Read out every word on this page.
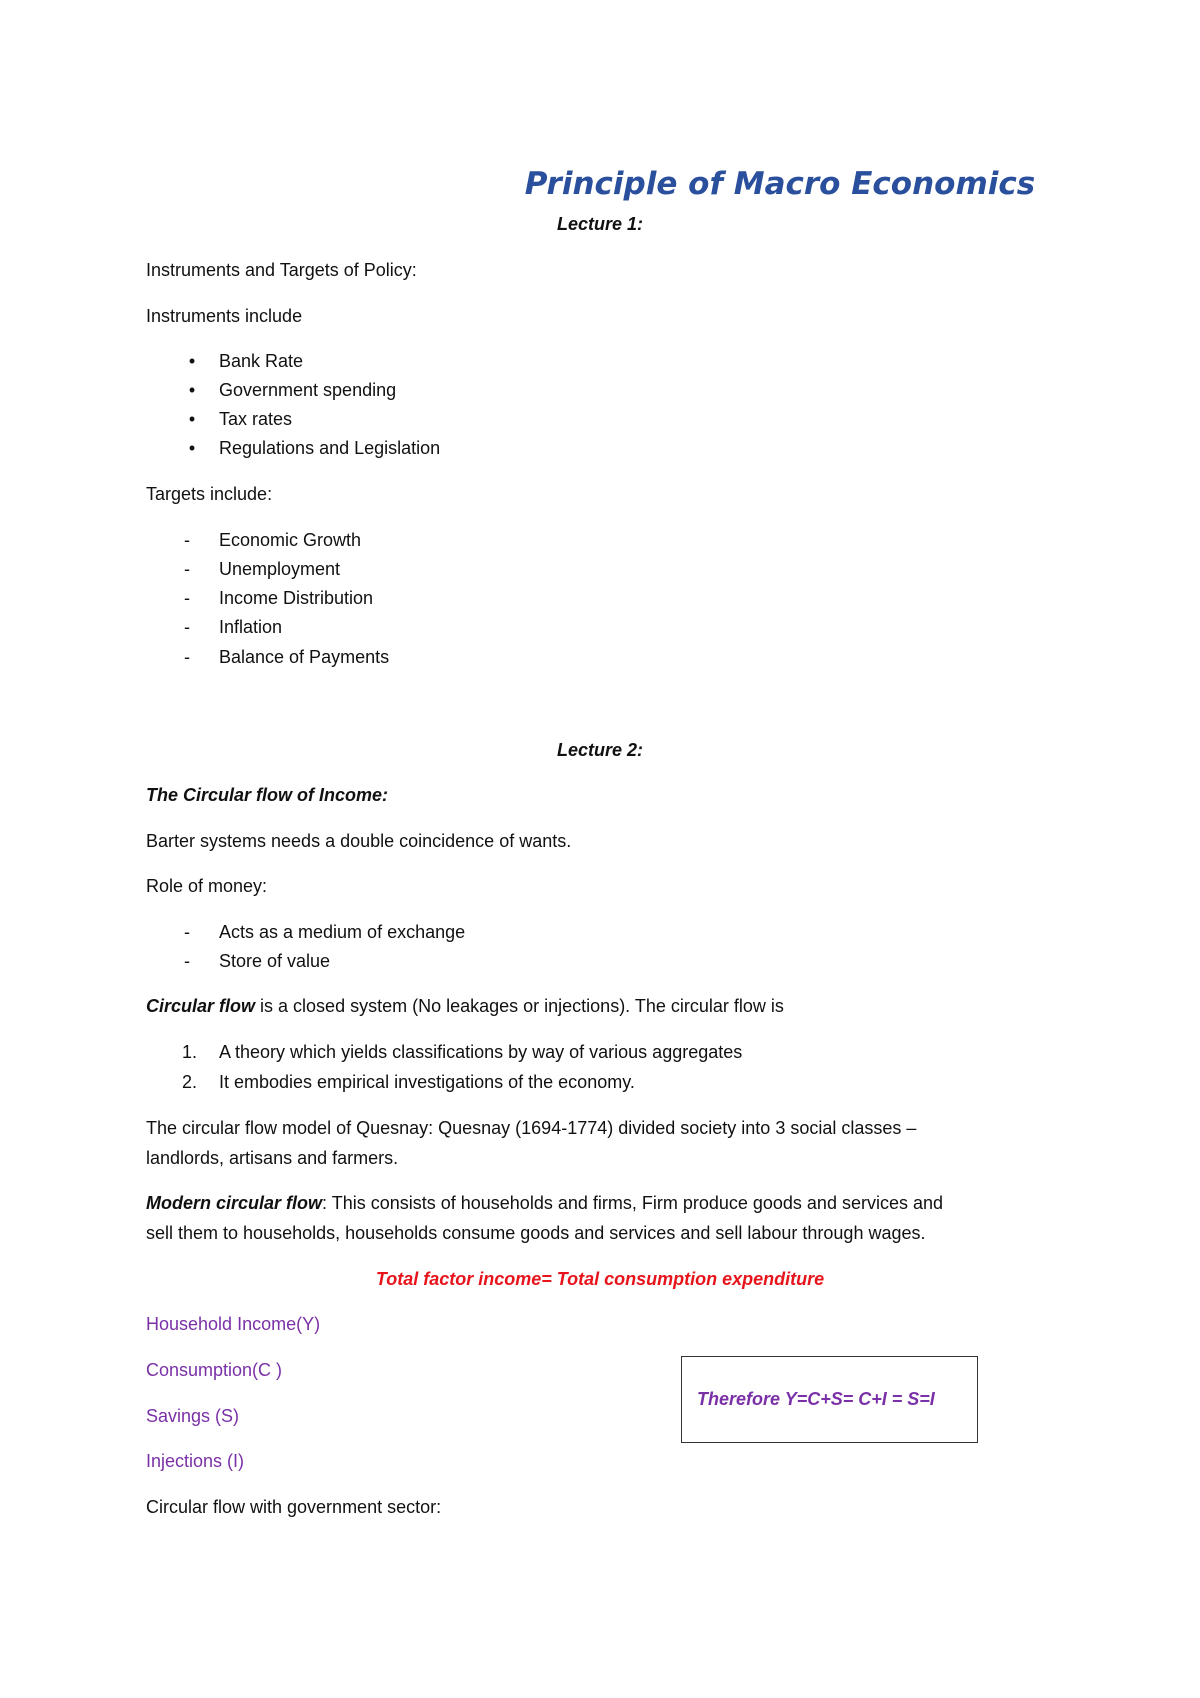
Principle of Macro Economics
Lecture 1:
Instruments and Targets of Policy:
Instruments include
•	Bank Rate
•	Government spending
•	Tax rates
•	Regulations and Legislation
Targets include:
- Economic Growth
- Unemployment
- Income Distribution
- Inflation
- Balance of Payments
Lecture 2:
The Circular flow of Income:
Barter systems needs a double coincidence of wants.
Role of money:
- Acts as a medium of exchange
- Store of value
Circular flow is a closed system (No leakages or injections). The circular flow is
1. A theory which yields classifications by way of various aggregates
2. It embodies empirical investigations of the economy.
The circular flow model of Quesnay: Quesnay (1694-1774) divided society into 3 social classes –
landlords, artisans and farmers.
Modern circular flow: This consists of households and firms, Firm produce goods and services and
sell them to households, households consume goods and services and sell labour through wages.
Total factor income= Total consumption expenditure
Household Income(Y)
Consumption(C )
Savings (S)
Injections (I)
Therefore Y=C+S= C+I = S=I
Circular flow with government sector:
